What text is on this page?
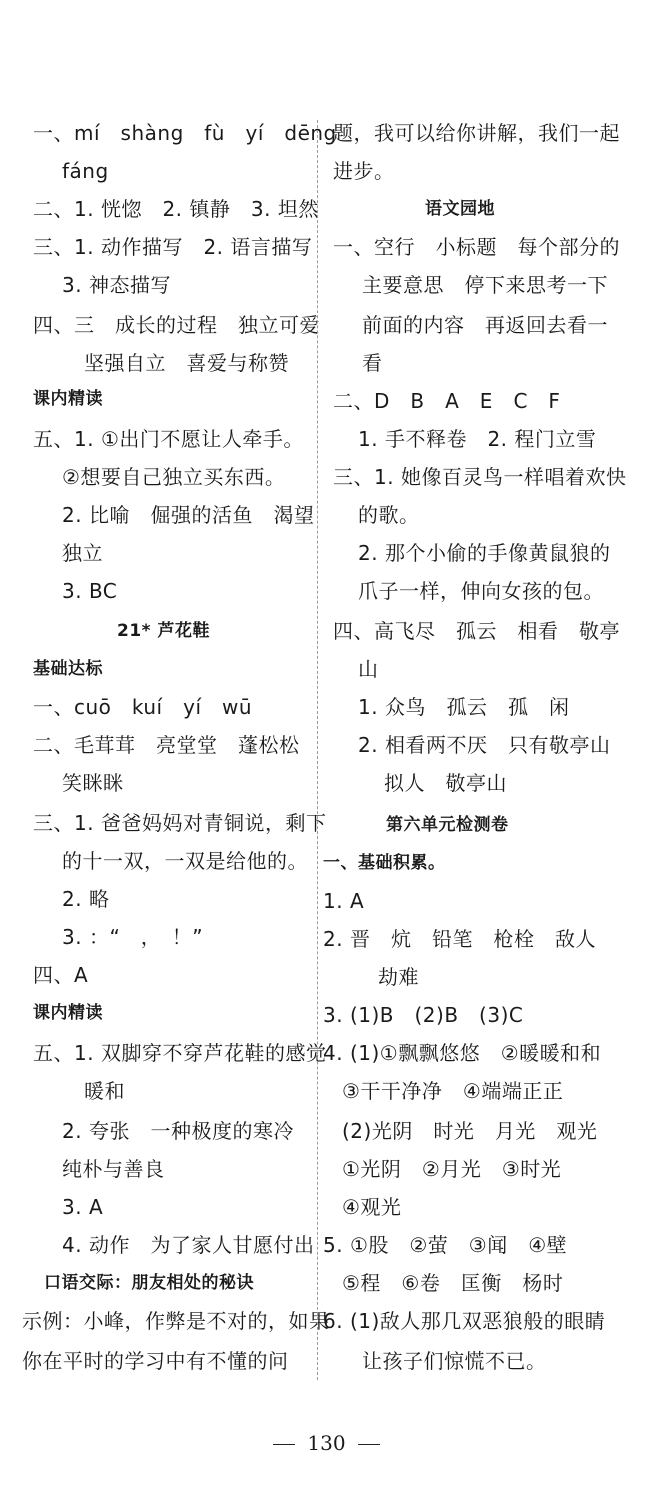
一、mí　shàng　fù　yí　dēng
fáng
二、1. 恍惚　2. 镇静　3. 坦然
三、1. 动作描写　2. 语言描写
3. 神态描写
四、三　成长的过程　独立可爱
坚强自立　喜爱与称赞
课内精读
五、1. ①出门不愿让人牵手。
②想要自己独立买东西。
2. 比喻　倔强的活鱼　渴望
独立
3. BC
21* 芦花鞋
基础达标
一、cuō　kuí　yí　wū
二、毛茸茸　亮堂堂　蓬松松
笑眯眯
三、1. 爸爸妈妈对青铜说，剩下
的十一双，一双是给他的。
2. 略
3. ：“　，　！”
四、A
课内精读
五、1. 双脚穿不穿芦花鞋的感觉
暖和
2. 夸张　一种极度的寒冷
纯朴与善良
3. A
4. 动作　为了家人甘愿付出
口语交际：朋友相处的秘诀
示例：小峰，作弊是不对的，如果
你在平时的学习中有不懂的问
题，我可以给你讲解，我们一起
进步。
语文园地
一、空行　小标题　每个部分的
主要意思　停下来思考一下
前面的内容　再返回去看一
看
二、D　B　A　E　C　F
1. 手不释卷　2. 程门立雪
三、1. 她像百灵鸟一样唱着欢快
的歌。
2. 那个小偷的手像黄鼠狼的
爪子一样，伸向女孩的包。
四、高飞尽　孤云　相看　敬亭
山
1. 众鸟　孤云　孤　闲
2. 相看两不厌　只有敬亭山
拟人　敬亭山
第六单元检测卷
一、基础积累。
1. A
2. 晋　炕　铅笔　枪栓　敌人
劫难
3. (1)B　(2)B　(3)C
4. (1)①飘飘悠悠　②暖暖和和
③干干净净　④端端正正
(2)光阴　时光　月光　观光
①光阴　②月光　③时光
④观光
5. ①股　②萤　③闻　④壁
⑤程　⑥卷　匡衡　杨时
6. (1)敌人那几双恶狼般的眼睛
让孩子们惊慌不已。
130
